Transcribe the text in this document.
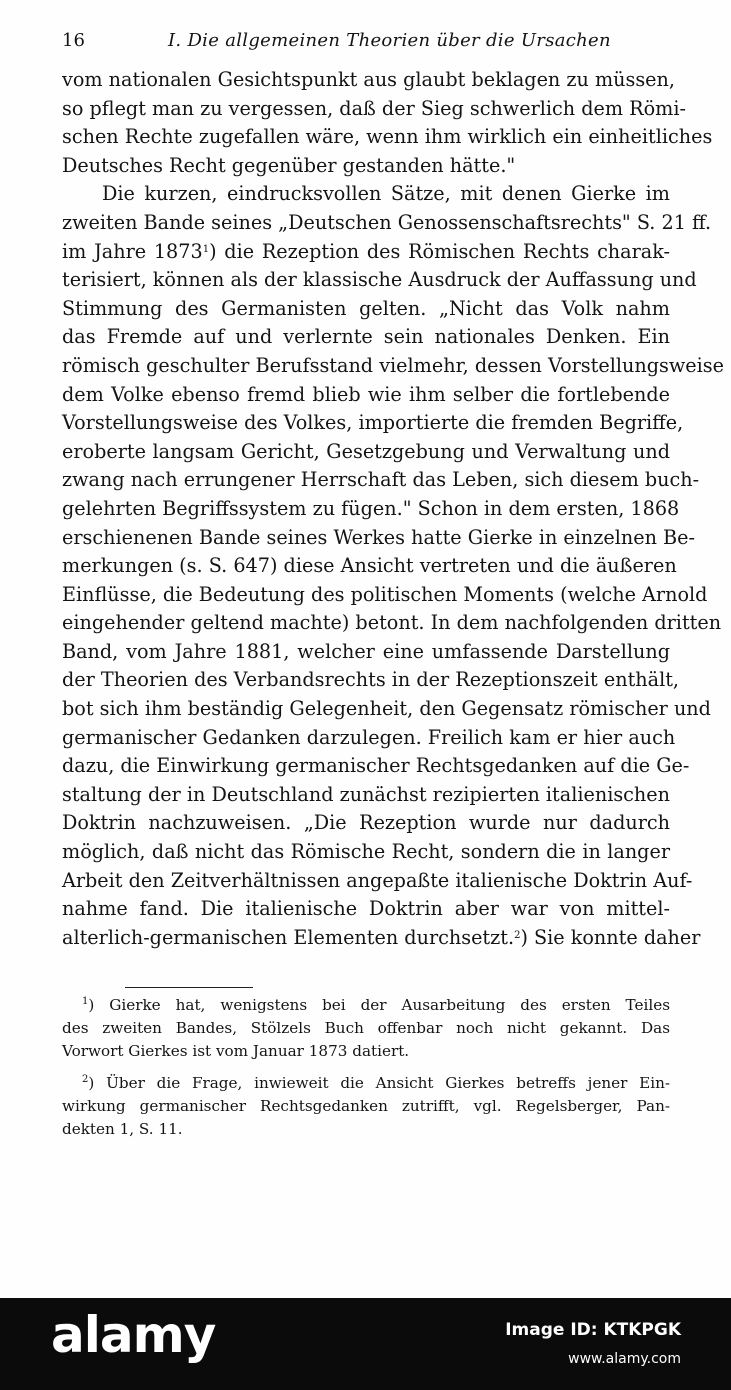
16	I. Die allgemeinen Theorien über die Ursachen
vom nationalen Gesichtspunkt aus glaubt beklagen zu müssen,
so pflegt man zu vergessen, daß der Sieg schwerlich dem Römi-
schen Rechte zugefallen wäre, wenn ihm wirklich ein einheitliches
Deutsches Recht gegenüber gestanden hätte."
Die kurzen, eindrucksvollen Sätze, mit denen Gierke im
zweiten Bande seines „Deutschen Genossenschaftsrechts" S. 21 ff.
im Jahre 1873$^1$) die Rezeption des Römischen Rechts charak-
terisiert, können als der klassische Ausdruck der Auffassung und
Stimmung des Germanisten gelten. „Nicht das Volk nahm
das Fremde auf und verlernte sein nationales Denken. Ein
römisch geschulter Berufsstand vielmehr, dessen Vorstellungsweise
dem Volke ebenso fremd blieb wie ihm selber die fortlebende
Vorstellungsweise des Volkes, importierte die fremden Begriffe,
eroberte langsam Gericht, Gesetzgebung und Verwaltung und
zwang nach errungener Herrschaft das Leben, sich diesem buch-
gelehrten Begriffssystem zu fügen." Schon in dem ersten, 1868
erschienenen Bande seines Werkes hatte Gierke in einzelnen Be-
merkungen (s. S. 647) diese Ansicht vertreten und die äußeren
Einflüsse, die Bedeutung des politischen Moments (welche Arnold
eingehender geltend machte) betont. In dem nachfolgenden dritten
Band, vom Jahre 1881, welcher eine umfassende Darstellung
der Theorien des Verbandsrechts in der Rezeptionszeit enthält,
bot sich ihm beständig Gelegenheit, den Gegensatz römischer und
germanischer Gedanken darzulegen. Freilich kam er hier auch
dazu, die Einwirkung germanischer Rechtsgedanken auf die Ge-
staltung der in Deutschland zunächst rezipierten italienischen
Doktrin nachzuweisen. „Die Rezeption wurde nur dadurch
möglich, daß nicht das Römische Recht, sondern die in langer
Arbeit den Zeitverhältnissen angepaßte italienische Doktrin Auf-
nahme fand. Die italienische Doktrin aber war von mittel-
alterlich-germanischen Elementen durchsetzt.$^2$) Sie konnte daher
$^1$) Gierke hat, wenigstens bei der Ausarbeitung des ersten Teiles
des zweiten Bandes, Stölzels Buch offenbar noch nicht gekannt. Das
Vorwort Gierkes ist vom Januar 1873 datiert.
$^2$) Über die Frage, inwieweit die Ansicht Gierkes betreffs jener Ein-
wirkung germanischer Rechtsgedanken zutrifft, vgl. Regelsberger, Pan-
dekten 1, S. 11.
alamy	Image ID: KTKPGK
www.alamy.com
